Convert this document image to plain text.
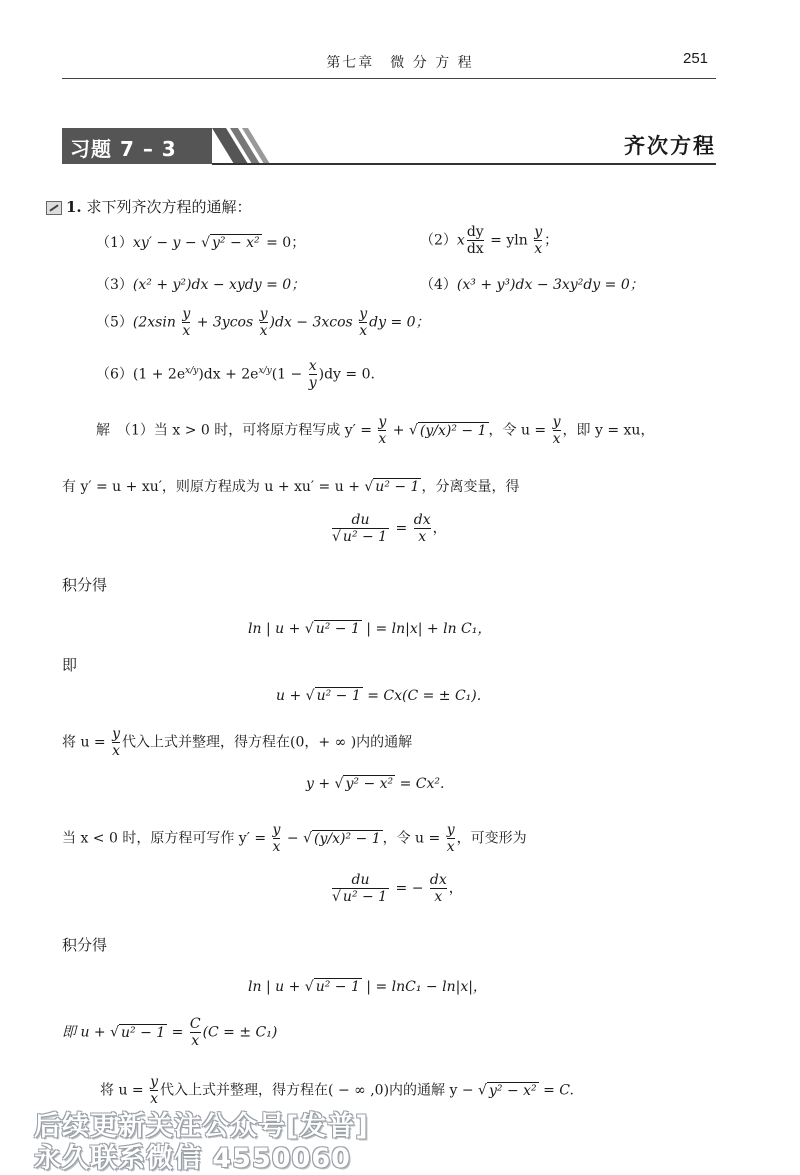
第七章　微 分 方 程	251
习题 7 – 3	齐次方程
1. 求下列齐次方程的通解：
（1）xy′ − y − √ y² − x² = 0；	$(2)x \frac{dy}{dx} = yln \frac{y}{x}$ ；
（3）(x² + y²)dx − xydy = 0；	（4）(x³ + y³)dx − 3xy²dy = 0；
$(5)(2xsin \frac{y}{x} + 3ycos \frac{y}{x} )dx - 3xcos \frac{y}{x}$ dy = 0；
$(6)(1 + 2e^{x/y})dx + 2e^{x/y}(1 - \frac{x}{y} )dy = 0$.
解　（1）当 x > 0 时，可将原方程写成 $y' = \frac{y}{x}$ + √ (y/x)² − 1 ，令 $u = \frac{y}{x}$ ，即 y = xu，
有 y′ = u + xu′，则原方程成为 u + xu′ = u + √ u² − 1 ，分离变量，得
$\frac{du}{\text{√ u² − 1}} = \frac{dx}{x}$ ，
积分得
ln | u + √ u² − 1 | = ln|x| + ln C₁，
即
u + √ u² − 1 = Cx(C = ± C₁).
将 $u = \frac{y}{x}$ 代入上式并整理，得方程在(0，+ ∞ )内的通解
y + √ y² − x² = Cx².
当 x < 0 时，原方程可写作 $y' = \frac{y}{x}$ − √ (y/x)² − 1 ，令 $u = \frac{y}{x}$ ，可变形为
$\frac{du}{\text{√ u² − 1}}$ = − $\frac{dx}{x}$ ，
积分得
ln | u + √ u² − 1 | = lnC₁ − ln|x|，
即 u + √ $u^2 - 1 = \frac{C}{x} (C$ = ± C₁)
将 $u = \frac{y}{x}$ 代入上式并整理，得方程在( − ∞ ,0)内的通解 y − √ y² − x² = C.
后续更新关注公众号[发普]
永久联系微信 4550060
